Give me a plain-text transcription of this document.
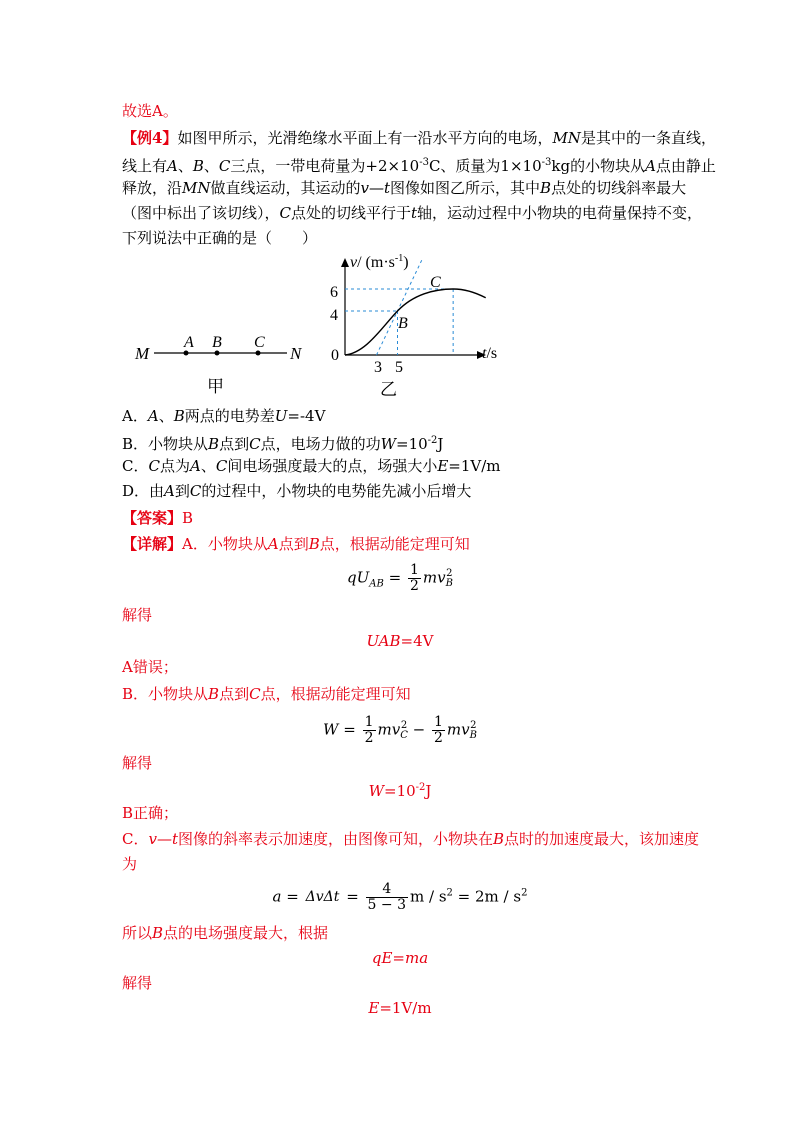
故选A。
【例4】如图甲所示，光滑绝缘水平面上有一沿水平方向的电场，MN是其中的一条直线，
线上有A、B、C三点，一带电荷量为$+2\times 10^{-3}C$、质量为$1\times 10^{-3}kg$的小物块从A点由静止
释放，沿MN做直线运动，其运动的v—t图像如图乙所示，其中B点处的切线斜率最大
（图中标出了该切线），C点处的切线平行于t轴，运动过程中小物块的电荷量保持不变，
下列说法中正确的是（　　）
M	N
A B C
甲
v/ $(m\cdot s^{-1})$
0
6
4
3 5
B
C
t/s
乙
A．A、B两点的电势差U=-4V
B．小物块从B点到C点，电场力做的功$W=10^{-2}J$
C．C点为A、C间电场强度最大的点，场强大小E=1V/m
D．由A到C的过程中，小物块的电势能先减小后增大
【答案】B
【详解】A．小物块从A点到B点，根据动能定理可知
$qU_{AB} = \frac{1}{2}$ mv 2
B
解得
UAB=4V
A错误；
B．小物块从B点到C点，根据动能定理可知
$W = \frac{1}{2}$ mv 2
$C - \frac{1}{2}$ mv 2
B
解得
$W=10^{-2}J$
B正确；
C．v—t图像的斜率表示加速度，由图像可知，小物块在B点时的加速度最大，该加速度
为
$a = \Delta v\Delta t = \frac{4}{5 - 3}$ $m / s^2 = 2m / s^2$
所以B点的电场强度最大，根据
qE=ma
解得
E=1V/m
